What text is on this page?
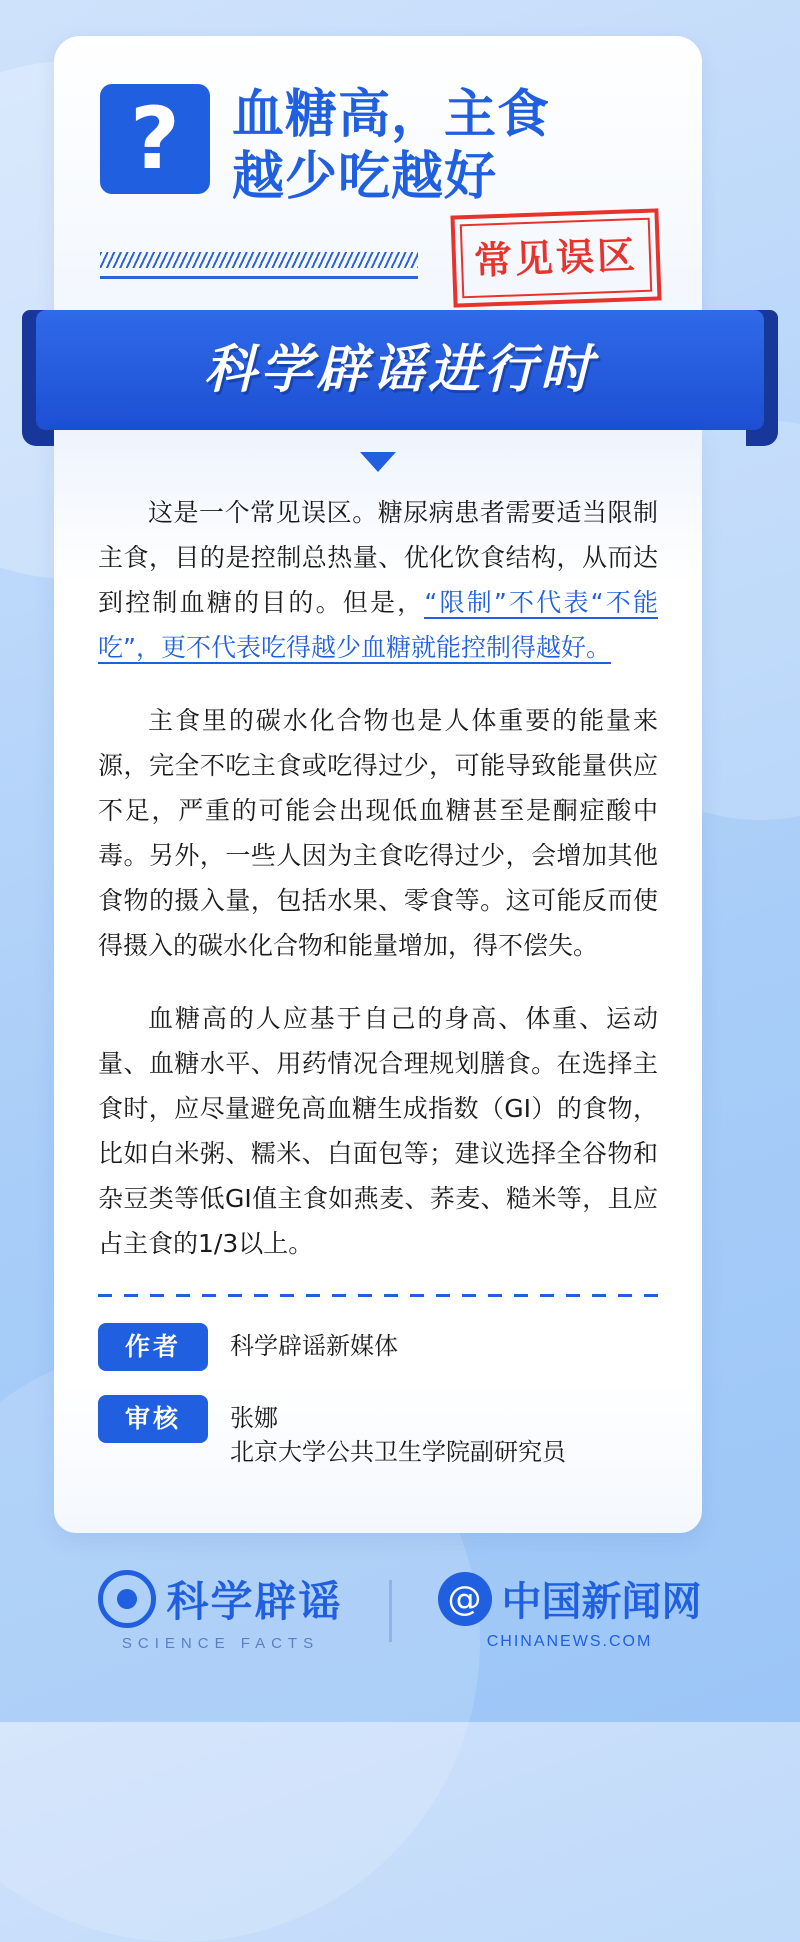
?	血糖高，主食
越少吃越好
常见误区
科学辟谣进行时

这是一个常见误区。糖尿病患者需要适当限制主食，目的是控制总热量、优化饮食结构，从而达到控制血糖的目的。但是，“限制”不代表“不能吃”，更不代表吃得越少血糖就能控制得越好。

主食里的碳水化合物也是人体重要的能量来源，完全不吃主食或吃得过少，可能导致能量供应不足，严重的可能会出现低血糖甚至是酮症酸中毒。另外，一些人因为主食吃得过少，会增加其他食物的摄入量，包括水果、零食等。这可能反而使得摄入的碳水化合物和能量增加，得不偿失。

血糖高的人应基于自己的身高、体重、运动量、血糖水平、用药情况合理规划膳食。在选择主食时，应尽量避免高血糖生成指数（GI）的食物，比如白米粥、糯米、白面包等；建议选择全谷物和杂豆类等低GI值主食如燕麦、荞麦、糙米等，且应占主食的1/3以上。

作者	科学辟谣新媒体
审核	张娜
北京大学公共卫生学院副研究员
科学辟谣
SCIENCE FACTS
@ 中国新闻网
CHINANEWS.COM
